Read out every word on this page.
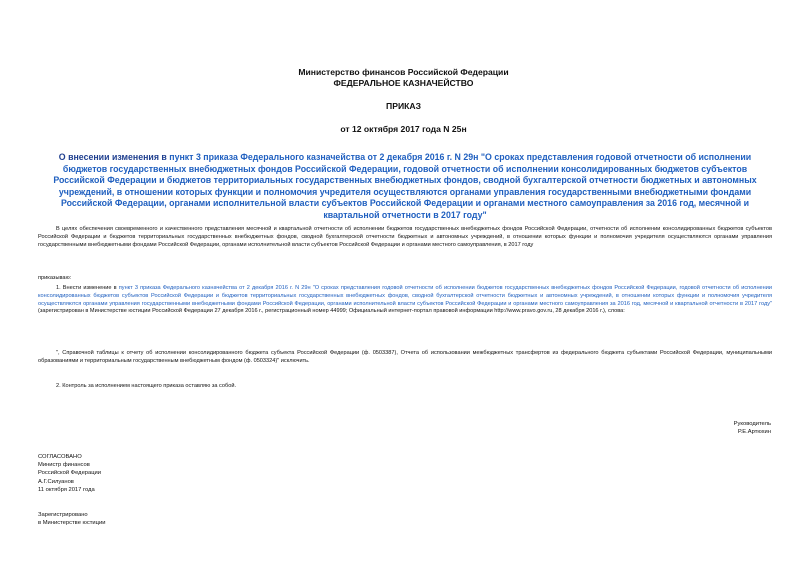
Министерство финансов Российской Федерации
ФЕДЕРАЛЬНОЕ КАЗНАЧЕЙСТВО
ПРИКАЗ
от 12 октября 2017 года N 25н
О внесении изменения в пункт 3 приказа Федерального казначейства от 2 декабря 2016 г. N 29н "О сроках представления годовой отчетности об исполнении бюджетов государственных внебюджетных фондов Российской Федерации, годовой отчетности об исполнении консолидированных бюджетов субъектов Российской Федерации и бюджетов территориальных государственных внебюджетных фондов, сводной бухгалтерской отчетности бюджетных и автономных учреждений, в отношении которых функции и полномочия учредителя осуществляются органами управления государственными внебюджетными фондами Российской Федерации, органами исполнительной власти субъектов Российской Федерации и органами местного самоуправления за 2016 год, месячной и квартальной отчетности в 2017 году"
В целях обеспечения своевременного и качественного представления месячной и квартальной отчетности об исполнении бюджетов государственных внебюджетных фондов Российской Федерации, отчетности об исполнении консолидированных бюджетов субъектов Российской Федерации и бюджетов территориальных государственных внебюджетных фондов, сводной бухгалтерской отчетности бюджетных и автономных учреждений, в отношении которых функции и полномочия учредителя осуществляются органами управления государственными внебюджетными фондами Российской Федерации, органами исполнительной власти субъектов Российской Федерации и органами местного самоуправления, в 2017 году
приказываю:
1. Внести изменение в пункт 3 приказа Федерального казначейства от 2 декабря 2016 г. N 29н "О сроках представления годовой отчетности об исполнении бюджетов государственных внебюджетных фондов Российской Федерации, годовой отчетности об исполнении консолидированных бюджетов субъектов Российской Федерации и бюджетов территориальных государственных внебюджетных фондов, сводной бухгалтерской отчетности бюджетных и автономных учреждений, в отношении которых функции и полномочия учредителя осуществляются органами управления государственными внебюджетными фондами Российской Федерации, органами исполнительной власти субъектов Российской Федерации и органами местного самоуправления за 2016 год, месячной и квартальной отчетности в 2017 году" (зарегистрирован в Министерстве юстиции Российской Федерации 27 декабря 2016 г., регистрационный номер 44999; Официальный интернет-портал правовой информации http://www.pravo.gov.ru, 28 декабря 2016 г.), слова:
", Справочной таблицы к отчету об исполнении консолидированного бюджета субъекта Российской Федерации (ф. 0503387), Отчета об использовании межбюджетных трансфертов из федерального бюджета субъектами Российской Федерации, муниципальными образованиями и территориальным государственным внебюджетным фондом (ф. 0503324)" исключить.
2. Контроль за исполнением настоящего приказа оставляю за собой.
Руководитель
Р.Е.Артюхин
СОГЛАСОВАНО
Министр финансов
Российской Федерации
А.Г.Силуанов
11 октября 2017 года
Зарегистрировано
в Министерстве юстиции
